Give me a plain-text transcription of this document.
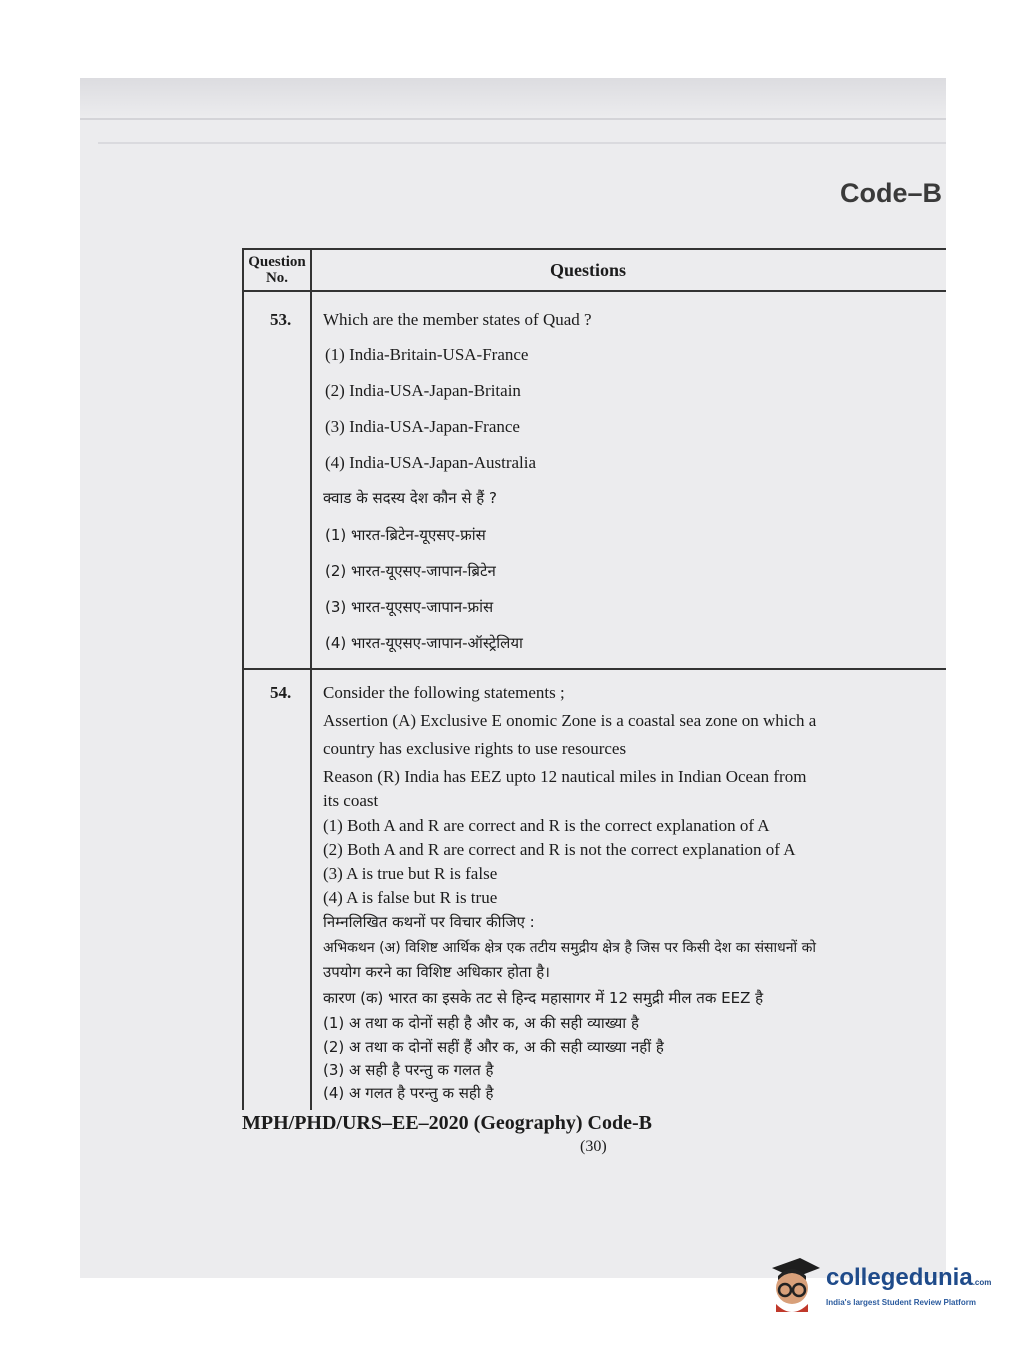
Code–B
Question No.	Questions
53. Which are the member states of Quad ?
(1) India-Britain-USA-France
(2) India-USA-Japan-Britain
(3) India-USA-Japan-France
(4) India-USA-Japan-Australia
क्वाड के सदस्य देश कौन से हैं ?
(1) भारत-ब्रिटेन-यूएसए-फ्रांस
(2) भारत-यूएसए-जापान-ब्रिटेन
(3) भारत-यूएसए-जापान-फ्रांस
(4) भारत-यूएसए-जापान-ऑस्ट्रेलिया
54. Consider the following statements ;
Assertion (A) Exclusive E onomic Zone is a coastal sea zone on which a
country has exclusive rights to use resources
Reason (R) India has EEZ upto 12 nautical miles in Indian Ocean from
its coast
(1) Both A and R are correct and R is the correct explanation of A
(2) Both A and R are correct and R is not the correct explanation of A
(3) A is true but R is false
(4) A is false but R is true
निम्नलिखित कथनों पर विचार कीजिए :
अभिकथन (अ) विशिष्ट आर्थिक क्षेत्र एक तटीय समुद्रीय क्षेत्र है जिस पर किसी देश का संसाधनों को
उपयोग करने का विशिष्ट अधिकार होता है।
कारण (क) भारत का इसके तट से हिन्द महासागर में 12 समुद्री मील तक EEZ है
(1) अ तथा क दोनों सही है और क, अ की सही व्याख्या है
(2) अ तथा क दोनों सहीं हैं और क, अ की सही व्याख्या नहीं है
(3) अ सही है परन्तु क गलत है
(4) अ गलत है परन्तु क सही है
MPH/PHD/URS–EE–2020 (Geography) Code-B
(30)
collegedunia.com
India's largest Student Review Platform
